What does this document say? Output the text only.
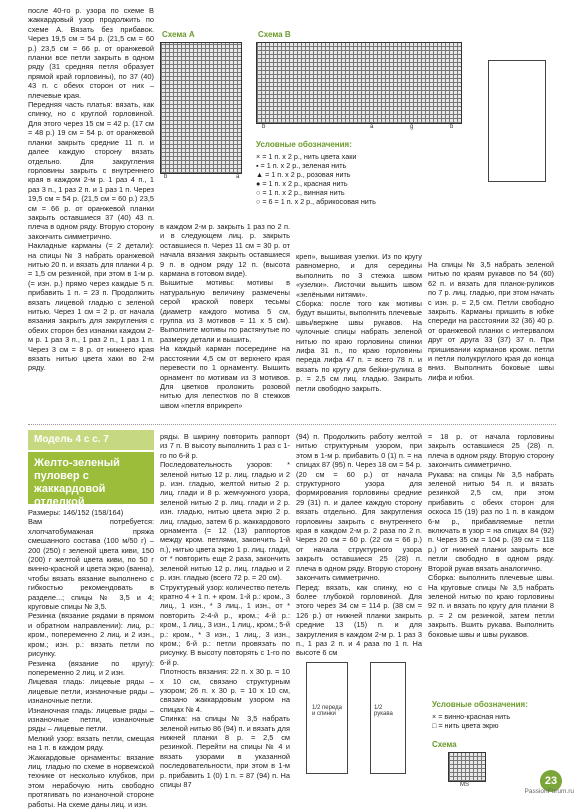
после 40-го р. узора по схеме В жаккардовый узор продолжить по схеме А. Вязать без прибавок. Через 19,5 см = 54 р. (21,5 см = 60 р.) 23,5 см = 66 р. от оранжевой планки все петли закрыть в одном ряду (31 средняя петля образует прямой край горловины), по 37 (40) 43 п. с обеих сторон от них – плечевые края.

Передняя часть платья: вязать, как спинку, но с круглой горловиной. Для этого через 15 см = 42 р. (17 см = 48 р.) 19 см = 54 р. от оранжевой планки закрыть средние 11 п. и далее каждую сторону вязать отдельно. Для закругления горловины закрыть с внутреннего края в каждом 2-м р. 1 раз 4 п., 1 раз 3 п., 1 раз 2 п. и 1 раз 1 п. Через 19,5 см = 54 р. (21,5 см = 60 р.) 23,5 см = 66 р. от оранжевой планки закрыть оставшиеся 37 (40) 43 п. плеча в одном ряду. Вторую сторону закончить симметрично.

Накладные карманы (= 2 детали): на спицы № 3 набрать оранжевой нитью 20 п. и вязать для планки 4 р. = 1,5 см резинкой, при этом в 1-м р. (= изн. р.) прямо через каждые 5 п. прибавить 1 п. = 23 п. Продолжить вязать лицевой гладью с зеленой нитью. Через 1 см = 2 р. от начала вязания закрыть для закругления с обеих сторон без изнанки каждом 2-м р. 1 раз 3 п., 1 раз 2 п., 1 раз 1 п. Через 3 см = 8 р. от нижнего края вязать нитью цвета хаки во 2-м ряду.

Схема А	Схема В
b	a
b	a	g	b
Условные обозначения:
× = 1 п. х 2 р., нить цвета хаки
▪ = 1 п. х 2 р., зеленая нить
▲ = 1 п. х 2 р., розовая нить
● = 1 п. х 2 р., красная нить
○ = 1 п. х 2 р., винная нить
○ = 6 = 1 п. х 2 р., абрикосовая нить

в каждом 2-м р. закрыть 1 раз по 2 п. и в следующем лиц. р. закрыть оставшиеся п. Через 11 см = 30 р. от начала вязания закрыть оставшиеся 9 п. в одном ряду 12 п. (высота кармана в готовом виде).

Вышитые мотивы: мотивы в натуральную величину размечены серой краской поверх тесьмы (диаметр каждого мотива 5 см, группа из 3 мотивов = 11 х 5 см). Выполните мотивы по растянутые по размеру детали и вышить.

На каждый карман посередине на расстоянии 4,5 см от верхнего края перевести по 1 орнаменту. Вышить орнамент по мотивам из 3 мотивов. Для цветков проложить розовой нитью для лепестков по 8 стежков швом «петля вприкреп»

креп», вышивая узелки. Из по кругу равномерно, и для середины выполнить по 3 стежка швом «узелки». Листочки вышить швом «зелёными нитями».

Сборка: после того как мотивы будут вышиты, выполнить плечевые швы/вержне швы рукавов. На чулочные спицы набрать зеленой нитью по краю горловины спинки лифа 31 п., по краю горловины переда лифа 47 п. = всего 78 п. и вязать по кругу для бейки-рулика 8 р. = 2,5 см лиц. гладью. Закрыть петли свободно закрыть.

На спицы № 3,5 набрать зеленой нитью по краям рукавов по 54 (60) 62 п. и вязать для планок-руликов по 7 р. лиц. гладью, при этом начать с изн. р. = 2,5 см. Петли свободно закрыть. Карманы пришить в юбке спереди на расстоянии 32 (36) 40 р. от оранжевой планки с интервалом друг от друга 33 (37) 37 п. При пришивании карманов кромк. петли и петли полукруглого края до конца вниз. Выполнить боковые швы лифа и юбки.

Модель 4 с с. 7
Желто-зеленый пуловер с жаккардовой отделкой

Размеры: 146/152 (158/164)

Вам потребуется: хлопчатобумажная пряжа смешанного состава (100 м/50 г) – 200 (250) г зеленой цвета киви, 150 (200) г желтой цвета киви, по 50 г винно-красной и цвета экрю (ванна), чтобы вязать вязание выполнено с гибкостью рекомендовать в разделе...; спицы № 3,5 и 4; круговые спицы № 3,5.

Резинка (вязание рядами в прямом и обратном направлении): лиц. р.: кром., попеременно 2 лиц. и 2 изн., кром.; изн. р.: вязать петли по рисунку.

Резинка (вязание по кругу): попеременно 2 лиц. и 2 изн.

Лицевая гладь: лицевые ряды – лицевые петли, изнаночные ряды – изнаночные петли.

Изнаночная гладь: лицевые ряды – изнаночные петли, изнаночные ряды – лицевые петли.

Мелкий узор: вязать петли, смещая на 1 п. в каждом ряду.

Жаккардовые орнаменты: вязание лиц. гладью по схеме в норвежской технике от несколько клубков, при этом нерабочую нить свободно протягивать по изнаночной стороне работы. На схеме даны лиц. и изн.

ряды. В ширину повторить раппорт из 7 п. В высоту выполнить 1 раз с 1-го по 6-й р.

Последовательность узоров: * зеленой нитью 12 р. лиц. гладью и 2 р. изн. гладью, желтой нитью 2 р. лиц. глади и 8 р. жемчужного узора, зеленой нитью 2 р. лиц. глади и 2 р. изн. гладью, нитью цвета экрю 2 р. лиц. гладью, затем 6 р. жаккардового орнамента (= 12 (13) раппортов между кром. петлями, закончить 1-й п.), нитью цвета экрю 1 р. лиц. глади, от * повторить еще 2 раза, закончить зеленой нитью 12 р. лиц. гладью и 2 р. изн. гладью (всего 72 р. = 20 см).

Структурный узор: количество петель кратно 4 + 1 п. + кром. 1-й р.: кром., 3 лиц., 1 изн., * 3 лиц., 1 изн., от * повторить 2-4-й р., кром.; 4-й р.: кром., 1 лиц., 3 изн., 1 лиц., кром.; 5-й р.: кром., * 3 изн., 1 лиц., 3 изн., кром.; 6-й р.: петли провязать по рисунку. В высоту повторять с 1-го по 6-й р.

Плотность вязания: 22 п. х 30 р. = 10 х 10 см, связано структурным узором; 26 п. х 30 р. = 10 х 10 см, связано жаккардовым узором на спицах № 4.

Спинка: на спицы № 3,5 набрать зеленой нитью 86 (94) п. и вязать для нижней планки 8 р. = 2,5 см резинкой. Перейти на спицы № 4 и вязать узорами в указанной последовательности, при этом в 1-м р. прибавить 1 (0) 1 п. = 87 (94) п. На спицы 87

(94) п. Продолжить работу желтой нитью структурным узором, при этом в 1-м р. прибавить 0 (1) п. = на спицах 87 (95) п. Через 18 см = 54 р. (20 см = 60 р.) от начала структурного узора для формирования горловины средние 29 (31) п. и далее каждую сторону вязать отдельно. Для закругления горловины закрыть с внутреннего края в каждом 2-м р. 2 раза по 2 п. Через 20 см = 60 р. (22 см = 66 р.) от начала структурного узора закрыть оставшиеся 25 (28) п. плеча в одном ряду. Вторую сторону закончить симметрично.

Перед: вязать, как спинку, но с более глубокой горловиной. Для этого через 34 см = 114 р. (38 см = 126 р.) от нижней планки закрыть средние 13 (15) п. и для закругления в каждом 2-м р. 1 раз 3 п., 1 раз 2 п. и 4 раза по 1 п. На высоте 6 см

= 18 р. от начала горловины закрыть оставшиеся 25 (28) п. плеча в одном ряду. Вторую сторону закончить симметрично.

Рукава: на спицы № 3,5 набрать зеленой нитью 54 п. и вязать резинкой 2,5 см, при этом прибавить с обеих сторон для оскоса 15 (19) раз по 1 п. в каждом 6-м р., прибавляемые петли включать в узор = на спицах 84 (92) п. Через 35 см = 104 р. (39 см = 118 р.) от нижней планки закрыть все петли свободно в одном ряду. Второй рукав вязать аналогично.

Сборка: выполнить плечевые швы. На круговые спицы № 3,5 набрать зеленой нитью по краю горловины 92 п. и вязать по кругу для планки 8 р. = 2 см резинкой, затем петли закрыть. Вшить рукава. Выполнить боковые швы и швы рукавов.

1/2 переда и спинки
1/2 рукава
Условные обозначения:
× = винно-красная нить
□ = нить цвета экрю
Схема
MS	23
PassionForum.ru
